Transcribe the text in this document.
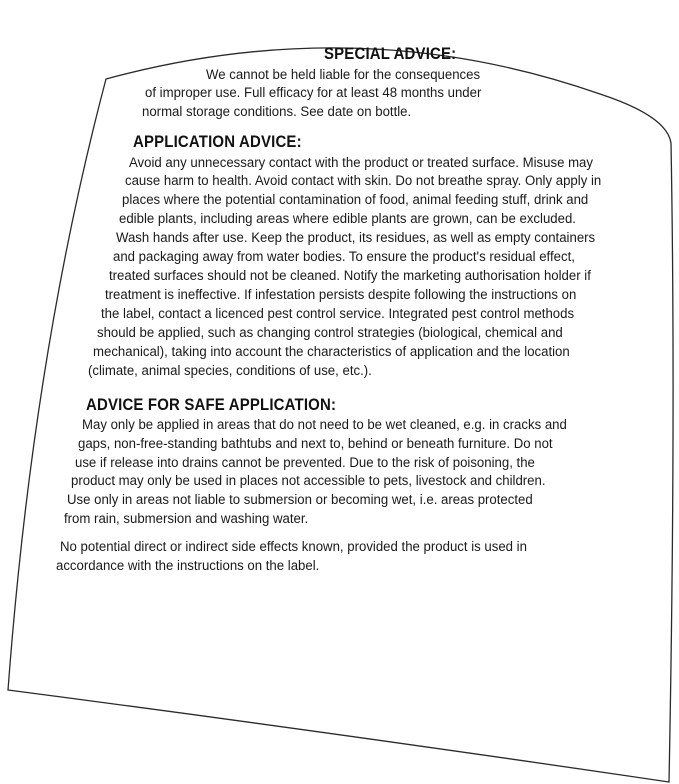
SPECIAL ADVICE:
We cannot be held liable for the consequences
of improper use. Full efficacy for at least 48 months under
normal storage conditions. See date on bottle.
APPLICATION ADVICE:
Avoid any unnecessary contact with the product or treated surface. Misuse may
cause harm to health. Avoid contact with skin. Do not breathe spray. Only apply in
places where the potential contamination of food, animal feeding stuff, drink and
edible plants, including areas where edible plants are grown, can be excluded.
Wash hands after use. Keep the product, its residues, as well as empty containers
and packaging away from water bodies. To ensure the product's residual effect,
treated surfaces should not be cleaned. Notify the marketing authorisation holder if
treatment is ineffective. If infestation persists despite following the instructions on
the label, contact a licenced pest control service. Integrated pest control methods
should be applied, such as changing control strategies (biological, chemical and
mechanical), taking into account the characteristics of application and the location
(climate, animal species, conditions of use, etc.).
ADVICE FOR SAFE APPLICATION:
May only be applied in areas that do not need to be wet cleaned, e.g. in cracks and
gaps, non-free-standing bathtubs and next to, behind or beneath furniture. Do not
use if release into drains cannot be prevented. Due to the risk of poisoning, the
product may only be used in places not accessible to pets, livestock and children.
Use only in areas not liable to submersion or becoming wet, i.e. areas protected
from rain, submersion and washing water.
No potential direct or indirect side effects known, provided the product is used in
accordance with the instructions on the label.
